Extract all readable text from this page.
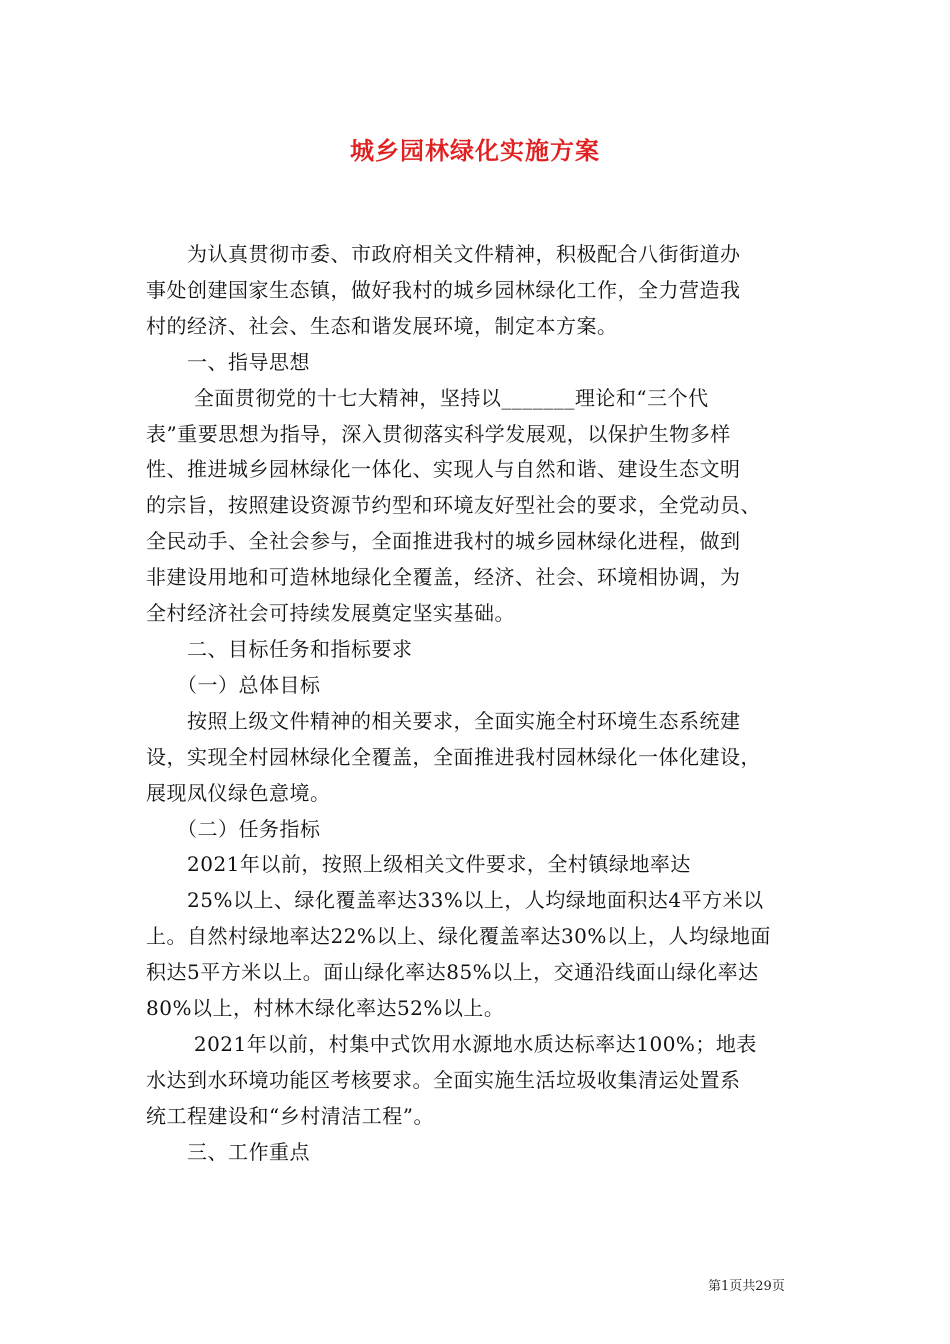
城乡园林绿化实施方案

　　为认真贯彻市委、市政府相关文件精神，积极配合八街街道办

事处创建国家生态镇，做好我村的城乡园林绿化工作，全力营造我

村的经济、社会、生态和谐发展环境，制定本方案。

　　一、指导思想

　　 全面贯彻党的十七大精神，坚持以_______理论和“三个代

表”重要思想为指导，深入贯彻落实科学发展观，以保护生物多样

性、推进城乡园林绿化一体化、实现人与自然和谐、建设生态文明

的宗旨，按照建设资源节约型和环境友好型社会的要求，全党动员、

全民动手、全社会参与，全面推进我村的城乡园林绿化进程，做到

非建设用地和可造林地绿化全覆盖，经济、社会、环境相协调，为

全村经济社会可持续发展奠定坚实基础。

　　二、目标任务和指标要求

　　（一）总体目标

　　按照上级文件精神的相关要求，全面实施全村环境生态系统建

设，实现全村园林绿化全覆盖，全面推进我村园林绿化一体化建设，

展现凤仪绿色意境。

　　（二）任务指标

　　2021年以前，按照上级相关文件要求，全村镇绿地率达

　　25%以上、绿化覆盖率达33%以上，人均绿地面积达4平方米以

上。自然村绿地率达22%以上、绿化覆盖率达30%以上，人均绿地面

积达5平方米以上。面山绿化率达85%以上，交通沿线面山绿化率达

80%以上，村林木绿化率达52%以上。

　　 2021年以前，村集中式饮用水源地水质达标率达100%；地表

水达到水环境功能区考核要求。全面实施生活垃圾收集清运处置系

统工程建设和“乡村清洁工程”。

　　三、工作重点

第1页共29页
